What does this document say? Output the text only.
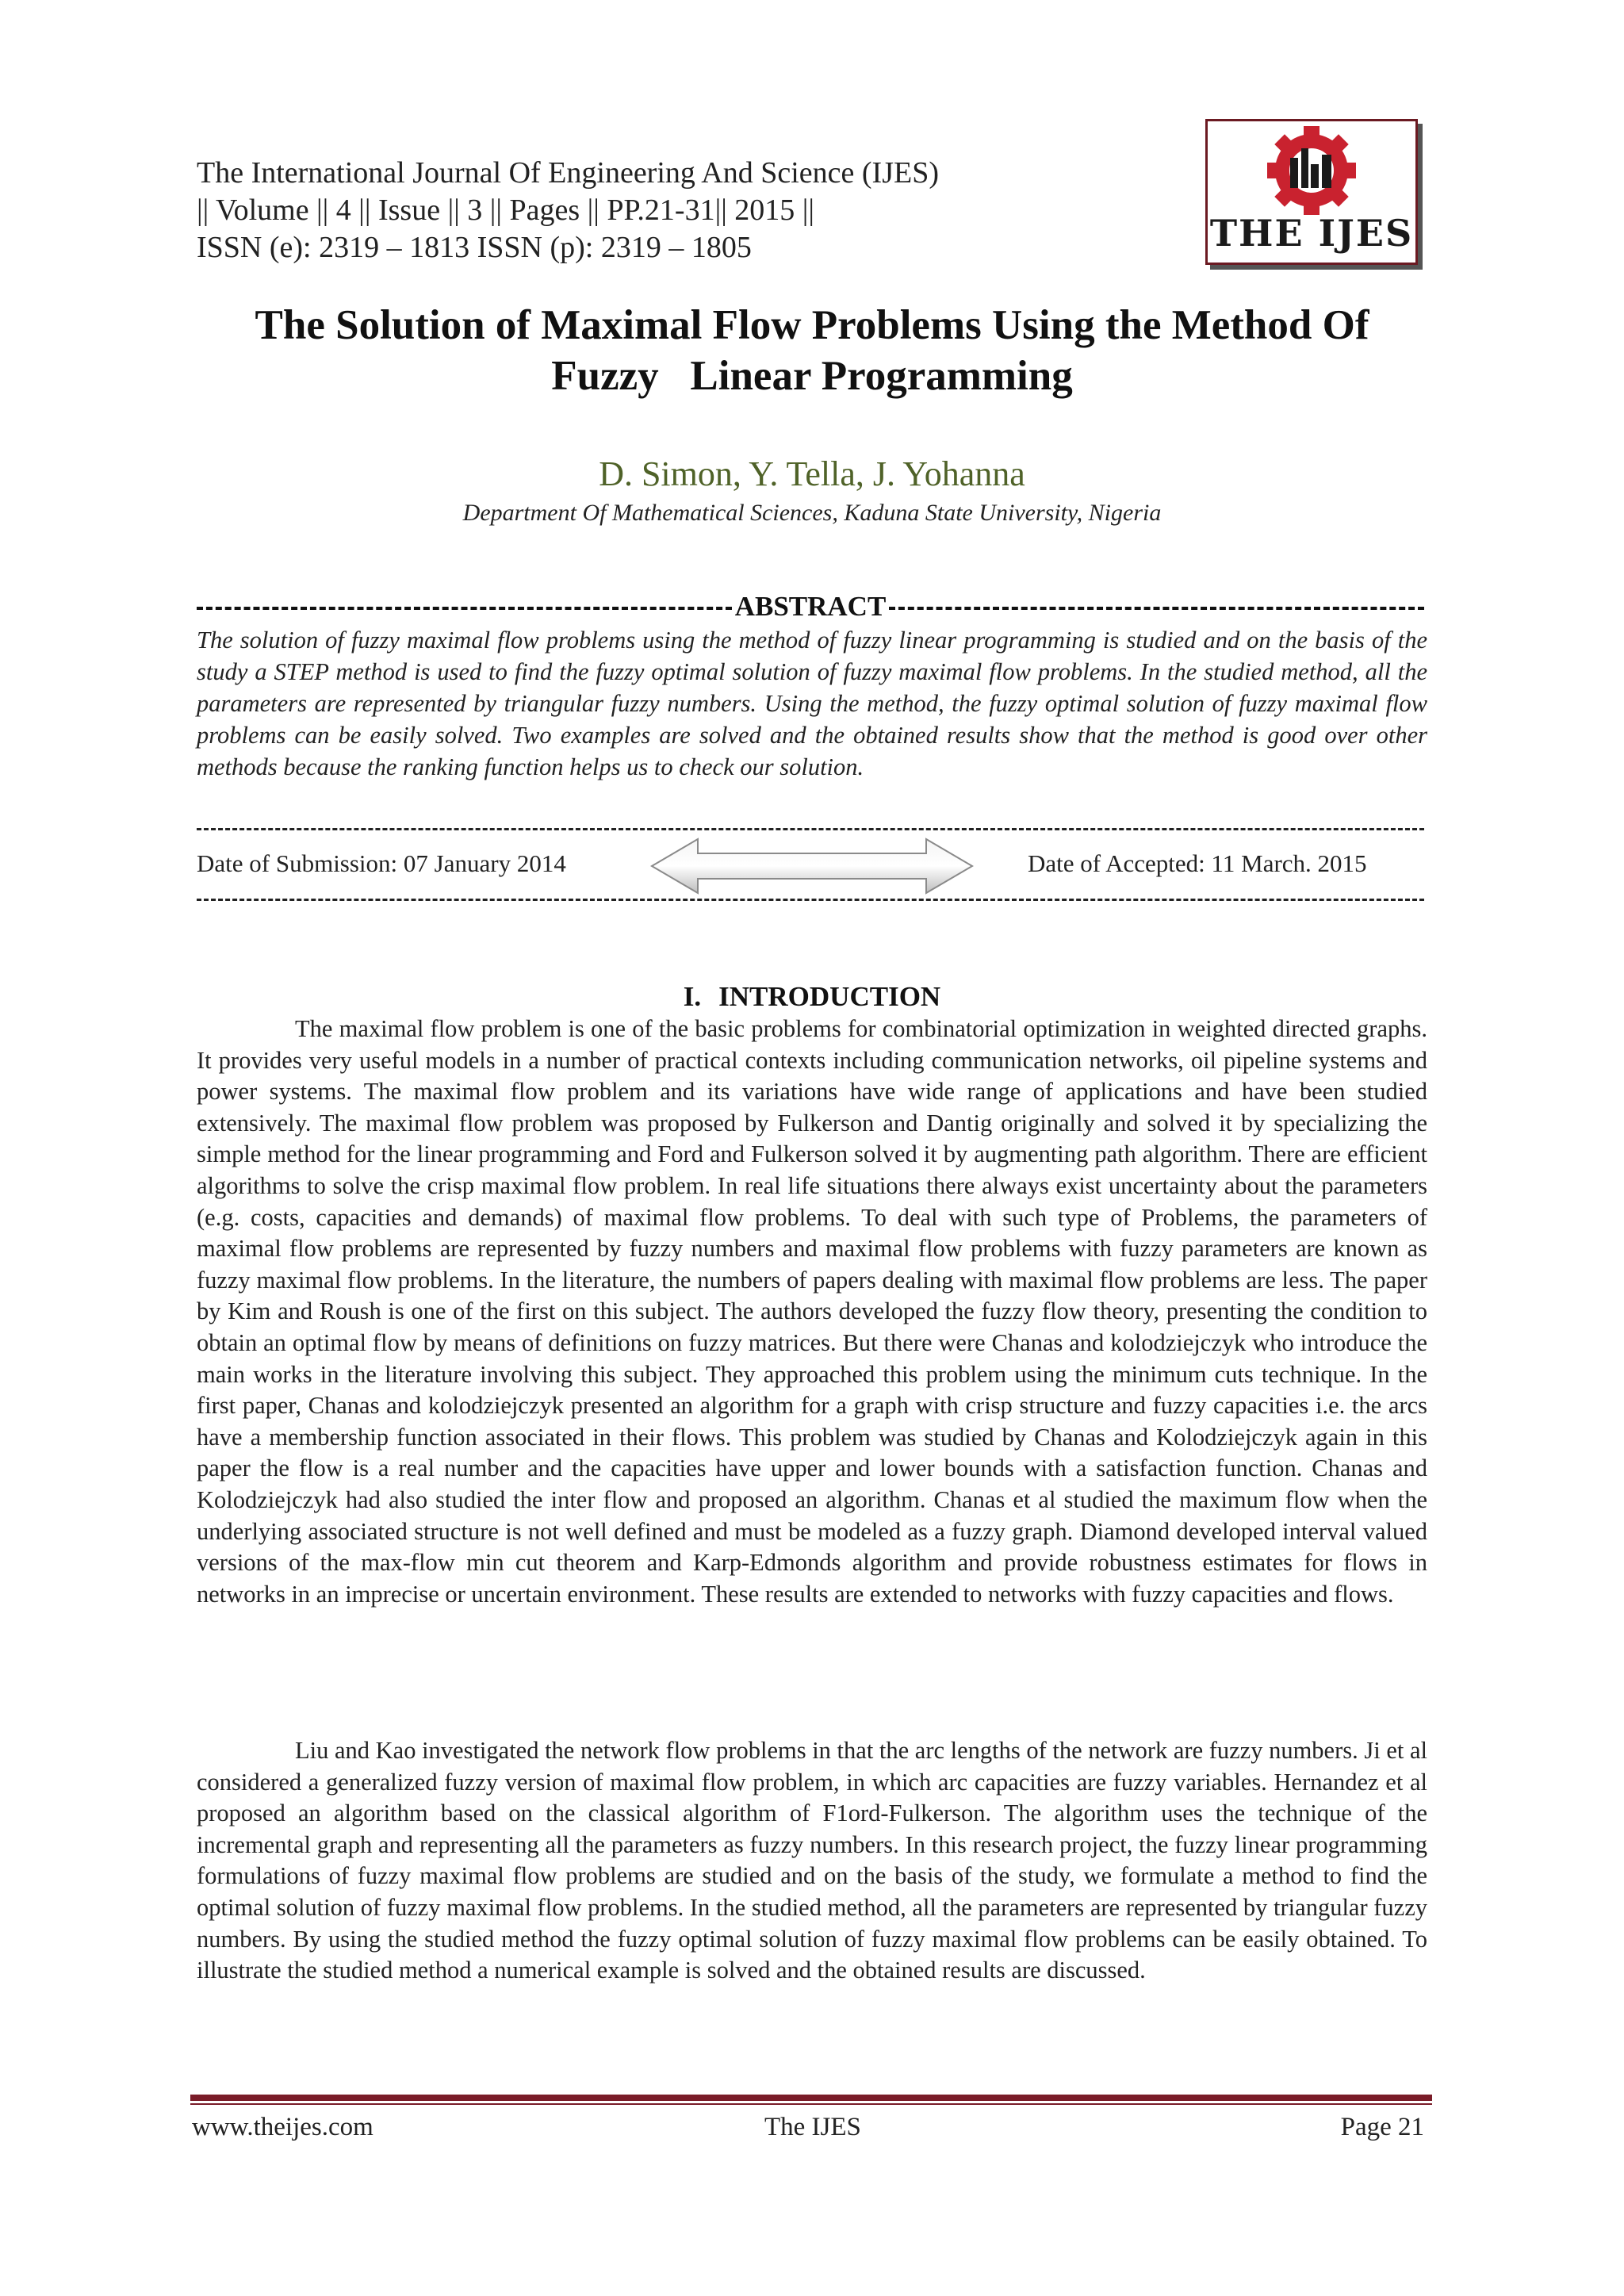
The International Journal Of Engineering And Science (IJES)
|| Volume || 4 || Issue || 3 || Pages || PP.21-31|| 2015 ||
ISSN (e): 2319 – 1813 ISSN (p): 2319 – 1805	THE IJES
The Solution of Maximal Flow Problems Using the Method Of
Fuzzy   Linear Programming
D. Simon, Y. Tella, J. Yohanna
Department Of Mathematical Sciences, Kaduna State University, Nigeria
ABSTRACT
The solution of fuzzy maximal flow problems using the method of fuzzy linear programming is studied and on the basis of the study a STEP method is used to find the fuzzy optimal solution of fuzzy maximal flow problems. In the studied method, all the parameters are represented by triangular fuzzy numbers. Using the method, the fuzzy optimal solution of fuzzy maximal flow problems can be easily solved. Two examples are solved and the obtained results show that the method is good over other methods because the ranking function helps us to check our solution.
Date of Submission: 07 January 2014	Date of Accepted: 11 March. 2015
I. INTRODUCTION
The maximal flow problem is one of the basic problems for combinatorial optimization in weighted directed graphs. It provides very useful models in a number of practical contexts including communication networks, oil pipeline systems and power systems. The maximal flow problem and its variations have wide range of applications and have been studied extensively. The maximal flow problem was proposed by Fulkerson and Dantig originally and solved it by specializing the simple method for the linear programming and Ford and Fulkerson solved it by augmenting path algorithm. There are efficient algorithms to solve the crisp maximal flow problem. In real life situations there always exist uncertainty about the parameters (e.g. costs, capacities and demands) of maximal flow problems. To deal with such type of Problems, the parameters of maximal flow problems are represented by fuzzy numbers and maximal flow problems with fuzzy parameters are known as fuzzy maximal flow problems. In the literature, the numbers of papers dealing with maximal flow problems are less. The paper by Kim and Roush is one of the first on this subject. The authors developed the fuzzy flow theory, presenting the condition to obtain an optimal flow by means of definitions on fuzzy matrices. But there were Chanas and kolodziejczyk who introduce the main works in the literature involving this subject. They approached this problem using the minimum cuts technique. In the first paper, Chanas and kolodziejczyk presented an algorithm for a graph with crisp structure and fuzzy capacities i.e. the arcs have a membership function associated in their flows. This problem was studied by Chanas and Kolodziejczyk again in this paper the flow is a real number and the capacities have upper and lower bounds with a satisfaction function. Chanas and Kolodziejczyk had also studied the inter flow and proposed an algorithm. Chanas et al studied the maximum flow when the underlying associated structure is not well defined and must be modeled as a fuzzy graph. Diamond developed interval valued versions of the max-flow min cut theorem and Karp-Edmonds algorithm and provide robustness estimates for flows in networks in an imprecise or uncertain environment. These results are extended to networks with fuzzy capacities and flows.
Liu and Kao investigated the network flow problems in that the arc lengths of the network are fuzzy numbers. Ji et al considered a generalized fuzzy version of maximal flow problem, in which arc capacities are fuzzy variables. Hernandez et al proposed an algorithm based on the classical algorithm of F1ord-Fulkerson. The algorithm uses the technique of the incremental graph and representing all the parameters as fuzzy numbers. In this research project, the fuzzy linear programming formulations of fuzzy maximal flow problems are studied and on the basis of the study, we formulate a method to find the optimal solution of fuzzy maximal flow problems. In the studied method, all the parameters are represented by triangular fuzzy numbers. By using the studied method the fuzzy optimal solution of fuzzy maximal flow problems can be easily obtained. To illustrate the studied method a numerical example is solved and the obtained results are discussed.
www.theijes.com	The IJES	Page 21
